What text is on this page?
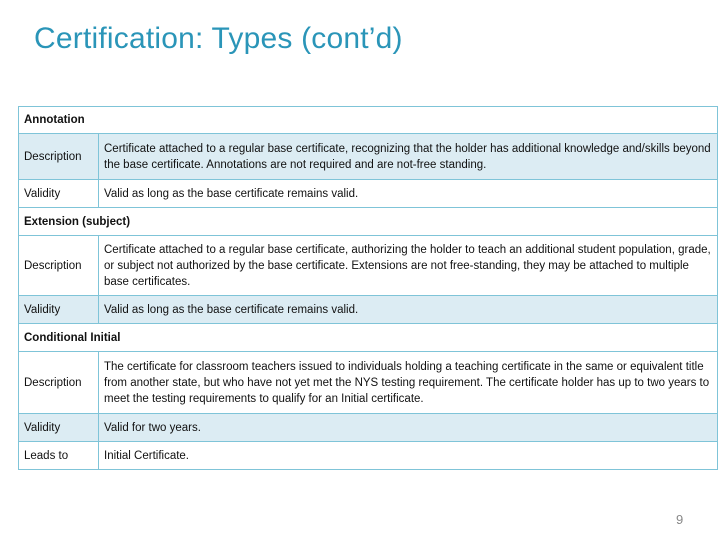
Certification: Types (cont’d)
Annotation	
Description	Certificate attached to a regular base certificate, recognizing that the holder has additional knowledge and/skills beyond the base certificate. Annotations are not required and are not-free standing.
Validity	Valid as long as the base certificate remains valid.
Extension (subject)	
Description	Certificate attached to a regular base certificate, authorizing the holder to teach an additional student population, grade, or subject not authorized by the base certificate. Extensions are not free-standing, they may be attached to multiple base certificates.
Validity	Valid as long as the base certificate remains valid.
Conditional Initial	
Description	The certificate for classroom teachers issued to individuals holding a teaching certificate in the same or equivalent title from another state, but who have not yet met the NYS testing requirement. The certificate holder has up to two years to meet the testing requirements to qualify for an Initial certificate.
Validity	Valid for two years.
Leads to	Initial Certificate.
9
